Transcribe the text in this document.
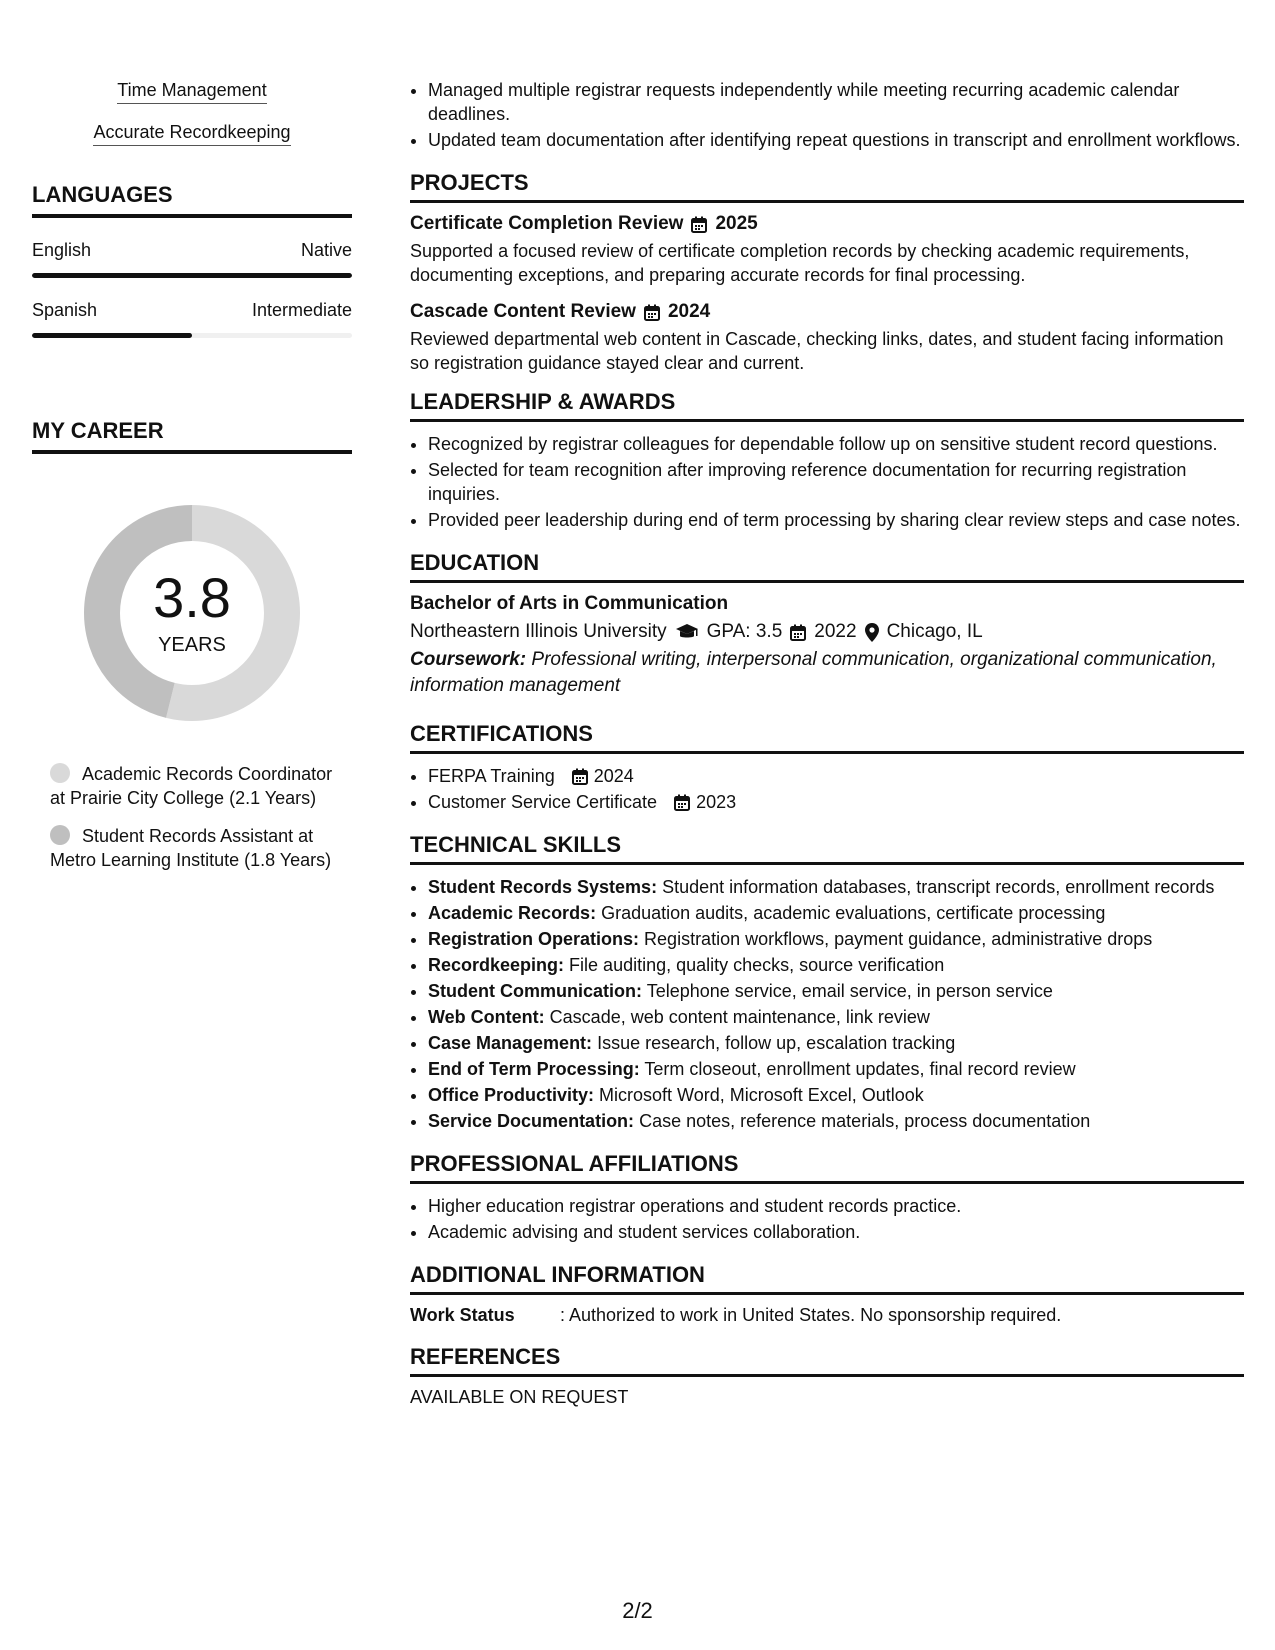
Time Management
Accurate Recordkeeping
LANGUAGES
English	Native
Spanish	Intermediate
MY CAREER
3.8
YEARS
Academic Records Coordinator at Prairie City College (2.1 Years)
Student Records Assistant at Metro Learning Institute (1.8 Years)
• Managed multiple registrar requests independently while meeting recurring academic calendar deadlines.
• Updated team documentation after identifying repeat questions in transcript and enrollment workflows.
PROJECTS
Certificate Completion Review 2025
Supported a focused review of certificate completion records by checking academic requirements, documenting exceptions, and preparing accurate records for final processing.
Cascade Content Review 2024
Reviewed departmental web content in Cascade, checking links, dates, and student facing information so registration guidance stayed clear and current.
LEADERSHIP & AWARDS
• Recognized by registrar colleagues for dependable follow up on sensitive student record questions.
• Selected for team recognition after improving reference documentation for recurring registration inquiries.
• Provided peer leadership during end of term processing by sharing clear review steps and case notes.
EDUCATION
Bachelor of Arts in Communication
Northeastern Illinois University GPA: 3.5 2022 Chicago, IL
Coursework: Professional writing, interpersonal communication, organizational communication, information management
CERTIFICATIONS
• FERPA Training
2024
• Customer Service Certificate
2023
TECHNICAL SKILLS
• Student Records Systems: Student information databases, transcript records, enrollment records
• Academic Records: Graduation audits, academic evaluations, certificate processing
• Registration Operations: Registration workflows, payment guidance, administrative drops
• Recordkeeping: File auditing, quality checks, source verification
• Student Communication: Telephone service, email service, in person service
• Web Content: Cascade, web content maintenance, link review
• Case Management: Issue research, follow up, escalation tracking
• End of Term Processing: Term closeout, enrollment updates, final record review
• Office Productivity: Microsoft Word, Microsoft Excel, Outlook
• Service Documentation: Case notes, reference materials, process documentation
PROFESSIONAL AFFILIATIONS
• Higher education registrar operations and student records practice.
• Academic advising and student services collaboration.
ADDITIONAL INFORMATION
Work Status	: Authorized to work in United States. No sponsorship required.
REFERENCES
AVAILABLE ON REQUEST
2/2
